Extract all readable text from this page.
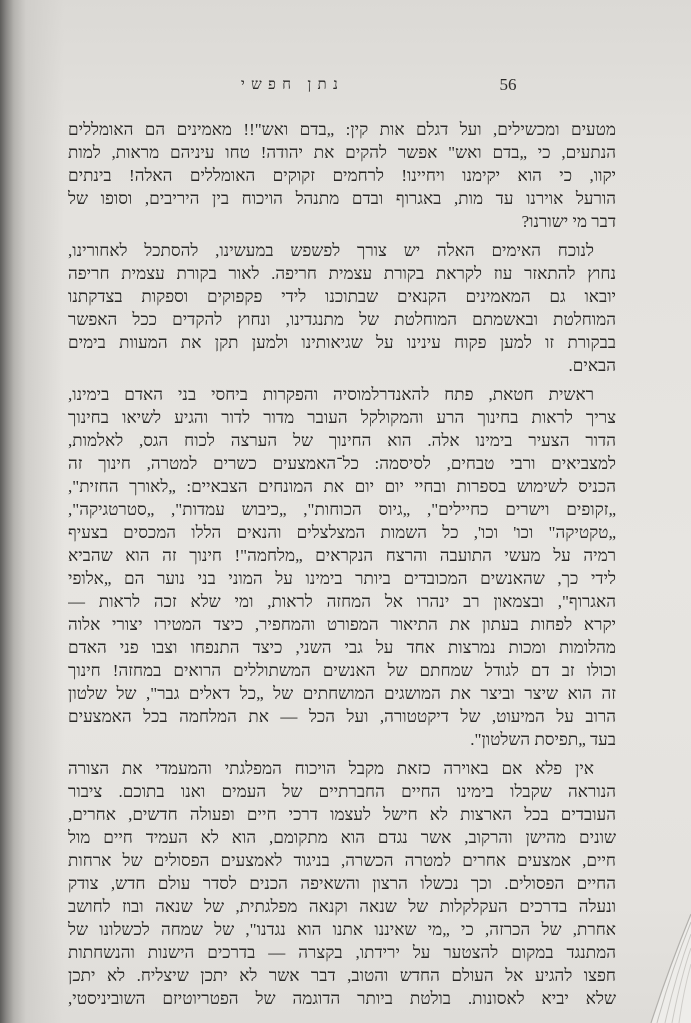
נתן חפשי	56
מטעים ומכשילים, ועל דגלם אות קין: „בדם ואש"!! מאמינים הם האומללים
הנתעים, כי „בדם ואש" אפשר להקים את יהודה! טחו עיניהם מראות, למות
יקוו, כי הוא יקימנו ויחיינו! לרחמים זקוקים האומללים האלה! בינתים
הורעל אוירנו עד מות, באגרוף ובדם מתנהל הויכוח בין היריבים, וסופו של
דבר מי ישורנו?
לנוכח האימים האלה יש צורך לפשפש במעשינו, להסתכל לאחורינו,
נחוץ להתאזר עוז לקראת בקורת עצמית חריפה. לאור בקורת עצמית חריפה
יובאו גם המאמינים הקנאים שבתוכנו לידי פקפוקים וספקות בצדקתנו
המוחלטת ובאשמתם המוחלטת של מתנגדינו, ונחוץ להקדים ככל האפשר
בבקורת זו למען פקוח עינינו על שגיאותינו ולמען תקן את המעוות בימים
הבאים.
ראשית חטאת, פתח להאנדרלמוסיה והפקרות ביחסי בני האדם בימינו,
צריך לראות בחינוך הרע והמקולקל העובר מדור לדור והגיע לשיאו בחינוך
הדור הצעיר בימינו אלה. הוא החינוך של הערצה לכוח הגס, לאלמות,
למצביאים ורבי טבחים, לסיסמה: כל־האמצעים כשרים למטרה, חינוך זה
הכניס לשימוש בספרות ובחיי יום יום את המונחים הצבאיים: „לאורך החזית",
„זקופים וישרים כחיילים", „גיוס הכוחות", „כיבוש עמדות", „סטרטגיקה",
„טקטיקה" וכו' וכו', כל השמות המצלצלים והנאים הללו המכסים בצעיף
רמיה על מעשי התועבה והרצח הנקראים „מלחמה"! חינוך זה הוא שהביא
לידי כך, שהאנשים המכובדים ביותר בימינו על המוני בני נוער הם „אלופי
האגרוף", ובצמאון רב ינהרו אל המחזה לראות, ומי שלא זכה לראות —
יקרא לפחות בעתון את התיאור המפורט והמחפיר, כיצד המטירו יצורי אלוה
מהלומות ומכות נמרצות אחד על גבי השני, כיצד התנפחו וצבו פני האדם
וכולו זב דם לגודל שמחתם של האנשים המשתוללים הרואים במחזה! חינוך
זה הוא שיצר וביצר את המושגים המושחתים של „כל דאלים גבר", של שלטון
הרוב על המיעוט, של דיקטטורה, ועל הכל — את המלחמה בכל האמצעים
בעד „תפיסת השלטון".
אין פלא אם באוירה כזאת מקבל הויכוח המפלגתי והמעמדי את הצורה
הנוראה שקבלו בימינו החיים החברתיים של העמים ואנו בתוכם. ציבור
העובדים בכל הארצות לא חישל לעצמו דרכי חיים ופעולה חדשים, אחרים,
שונים מהישן והרקוב, אשר נגדם הוא מתקומם, הוא לא העמיד חיים מול
חיים, אמצעים אחרים למטרה הכשרה, בניגוד לאמצעים הפסולים של ארחות
החיים הפסולים. וכך נכשלו הרצון והשאיפה הכנים לסדר עולם חדש, צודק
ונעלה בדרכים העקלקלות של שנאה וקנאה מפלגתית, של שנאה ובוז לחושב
אחרת, של הכרזה, כי „מי שאיננו אתנו הוא נגדנו", של שמחה לכשלונו של
המתנגד במקום להצטער על ירידתו, בקצרה — בדרכים הישנות והנשחתות
חפצו להגיע אל העולם החדש והטוב, דבר אשר לא יתכן שיצליח. לא יתכן
שלא יביא לאסונות. בולטת ביותר הדוגמה של הפטריוטיזם השוביניסטי,
